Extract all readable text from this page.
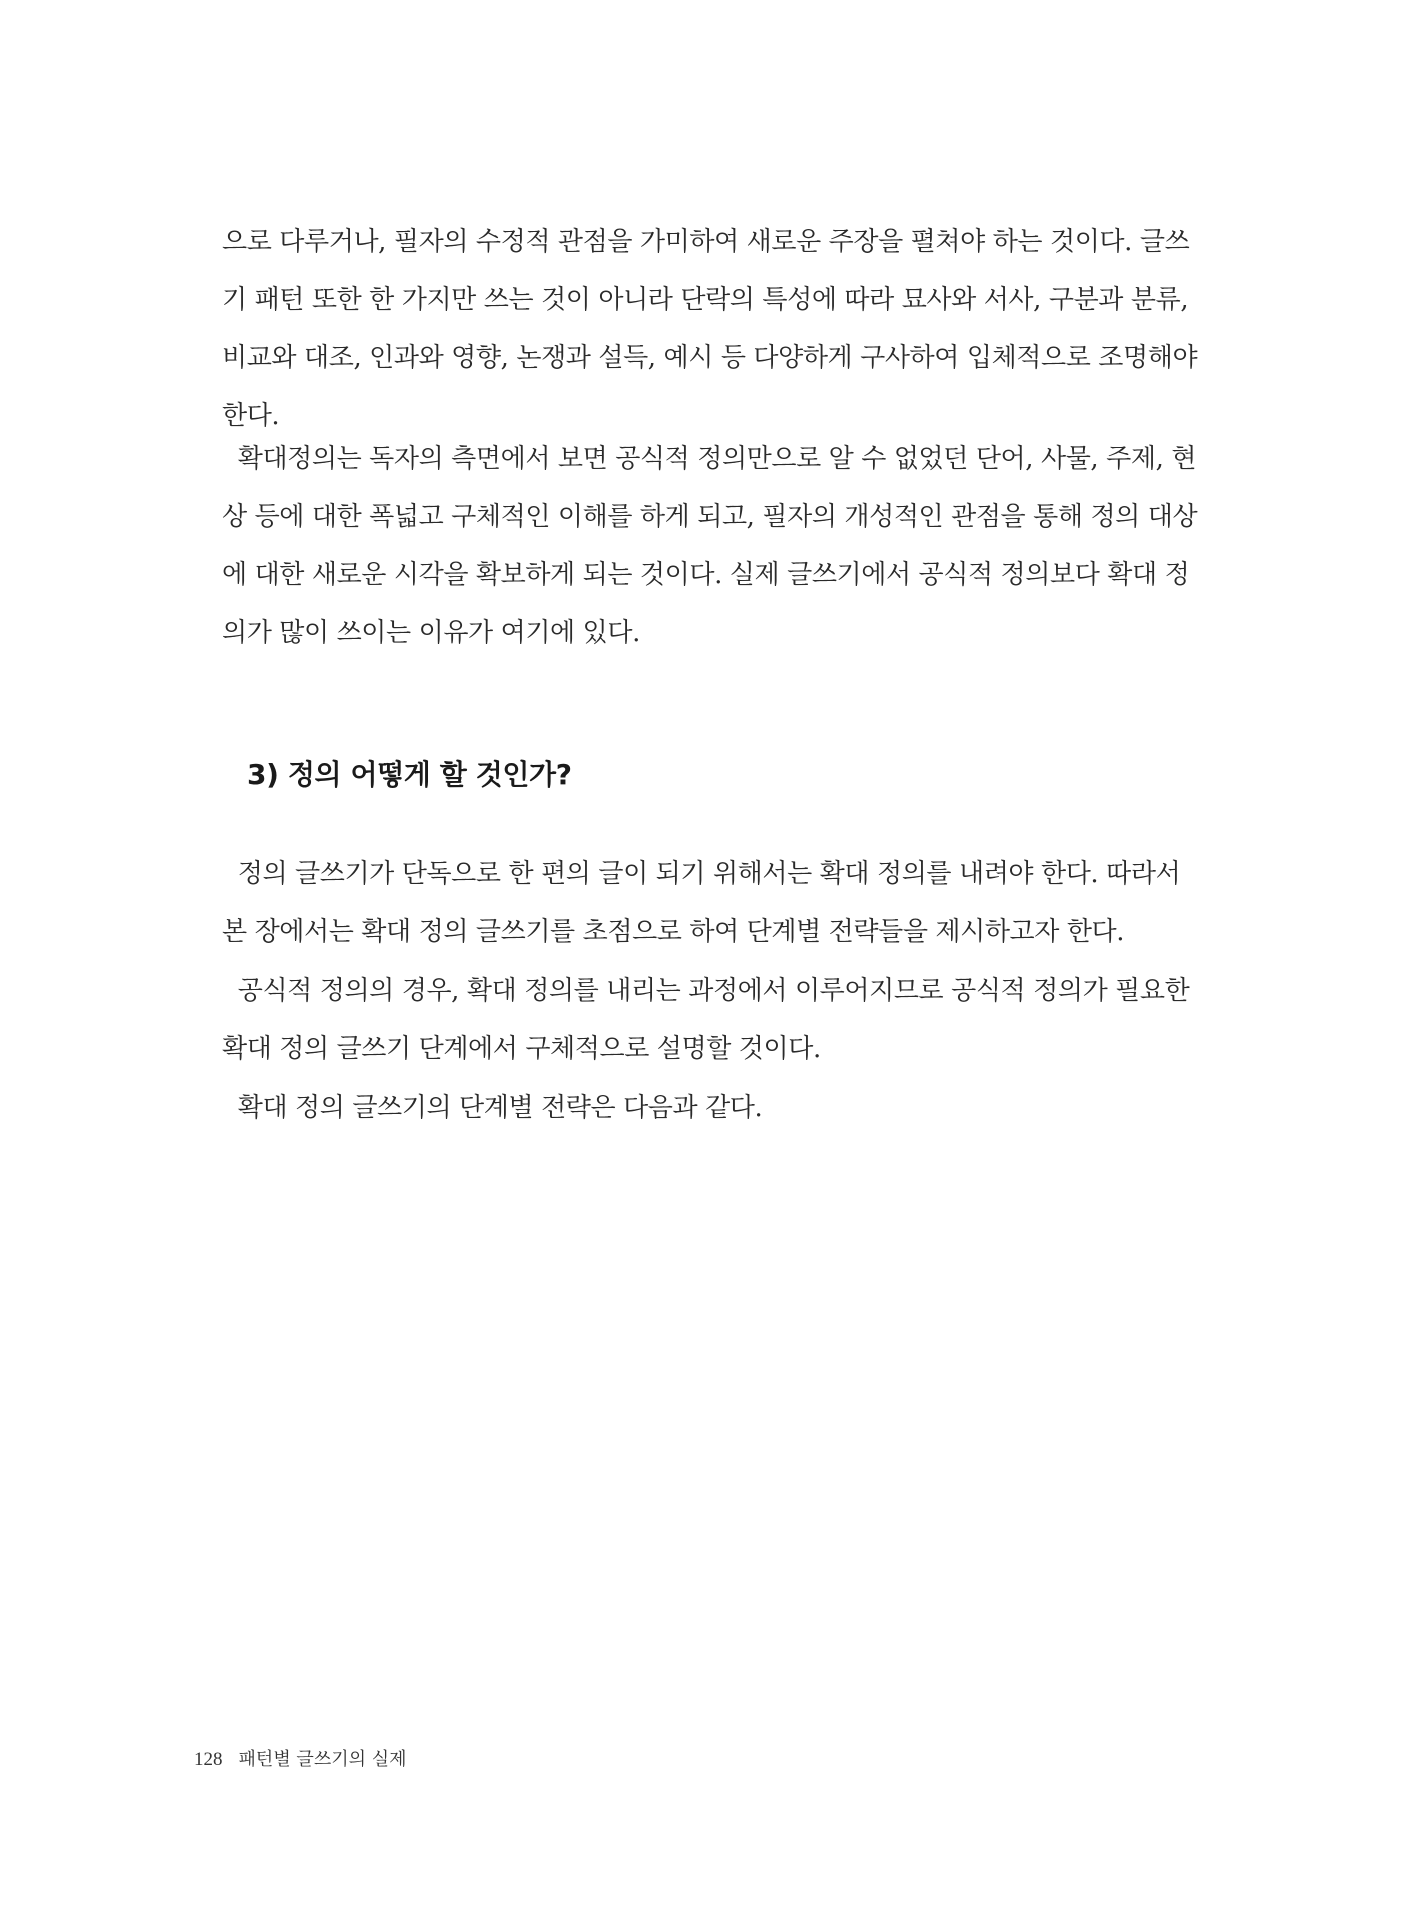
으로 다루거나, 필자의 수정적 관점을 가미하여 새로운 주장을 펼쳐야 하는 것이다. 글쓰
기 패턴 또한 한 가지만 쓰는 것이 아니라 단락의 특성에 따라 묘사와 서사, 구분과 분류,
비교와 대조, 인과와 영향, 논쟁과 설득, 예시 등 다양하게 구사하여 입체적으로 조명해야
한다.
확대정의는 독자의 측면에서 보면 공식적 정의만으로 알 수 없었던 단어, 사물, 주제, 현
상 등에 대한 폭넓고 구체적인 이해를 하게 되고, 필자의 개성적인 관점을 통해 정의 대상
에 대한 새로운 시각을 확보하게 되는 것이다. 실제 글쓰기에서 공식적 정의보다 확대 정
의가 많이 쓰이는 이유가 여기에 있다.
3) 정의 어떻게 할 것인가?
정의 글쓰기가 단독으로 한 편의 글이 되기 위해서는 확대 정의를 내려야 한다. 따라서
본 장에서는 확대 정의 글쓰기를 초점으로 하여 단계별 전략들을 제시하고자 한다.
공식적 정의의 경우, 확대 정의를 내리는 과정에서 이루어지므로 공식적 정의가 필요한
확대 정의 글쓰기 단계에서 구체적으로 설명할 것이다.
확대 정의 글쓰기의 단계별 전략은 다음과 같다.
128 패턴별 글쓰기의 실제
